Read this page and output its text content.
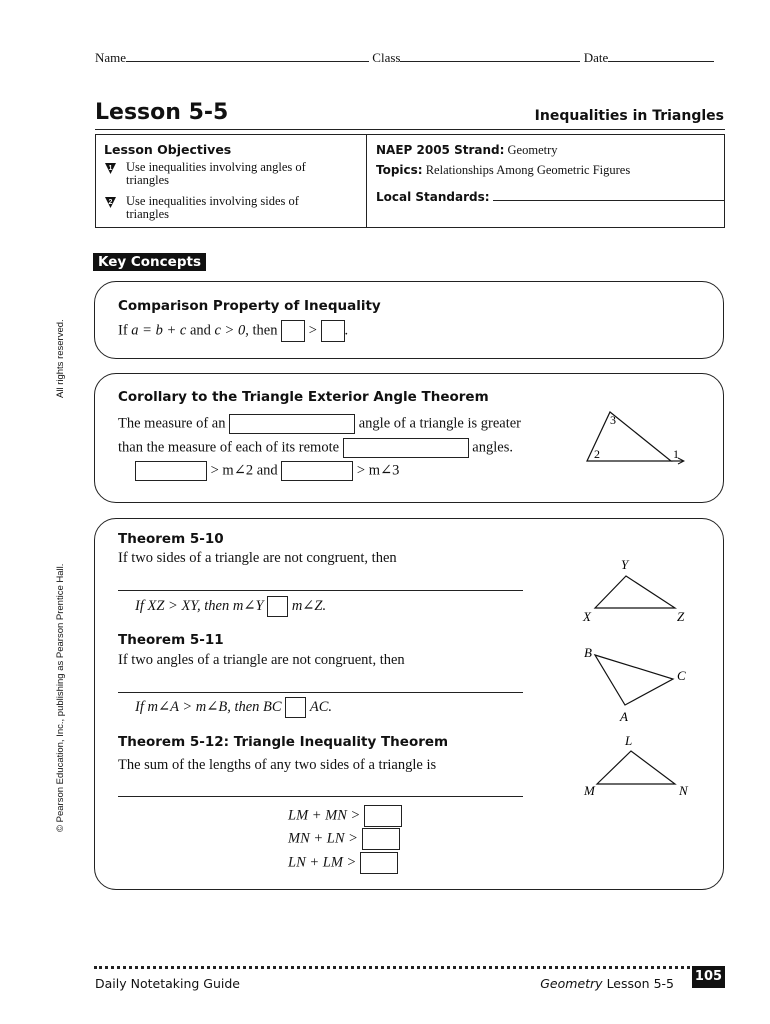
Name	Class	Date
Lesson 5-5	Inequalities in Triangles
Lesson Objectives
1	Use inequalities involving angles of
triangles
2	Use inequalities involving sides of
triangles
NAEP 2005 Strand: Geometry
Topics: Relationships Among Geometric Figures
Local Standards:
Key Concepts
Comparison Property of Inequality
If a = b + c and c > 0, then > .
Corollary to the Triangle Exterior Angle Theorem
The measure of an	angle of a triangle is greater
than the measure of each of its remote	angles.
> m∠2 and	> m∠3
3
2	1
Theorem 5-10
If two sides of a triangle are not congruent, then
If XZ > XY, then m∠Y m∠Z.
Theorem 5-11
If two angles of a triangle are not congruent, then
If m∠A > m∠B, then BC AC.
Theorem 5-12: Triangle Inequality Theorem
The sum of the lengths of any two sides of a triangle is
LM + MN >
MN + LN >
LN + LM >
Y
X	Z
B
C
A
L
M	N
All rights reserved.
© Pearson Education, Inc., publishing as Pearson Prentice Hall.
Daily Notetaking Guide	Geometry Lesson 5-5 105
